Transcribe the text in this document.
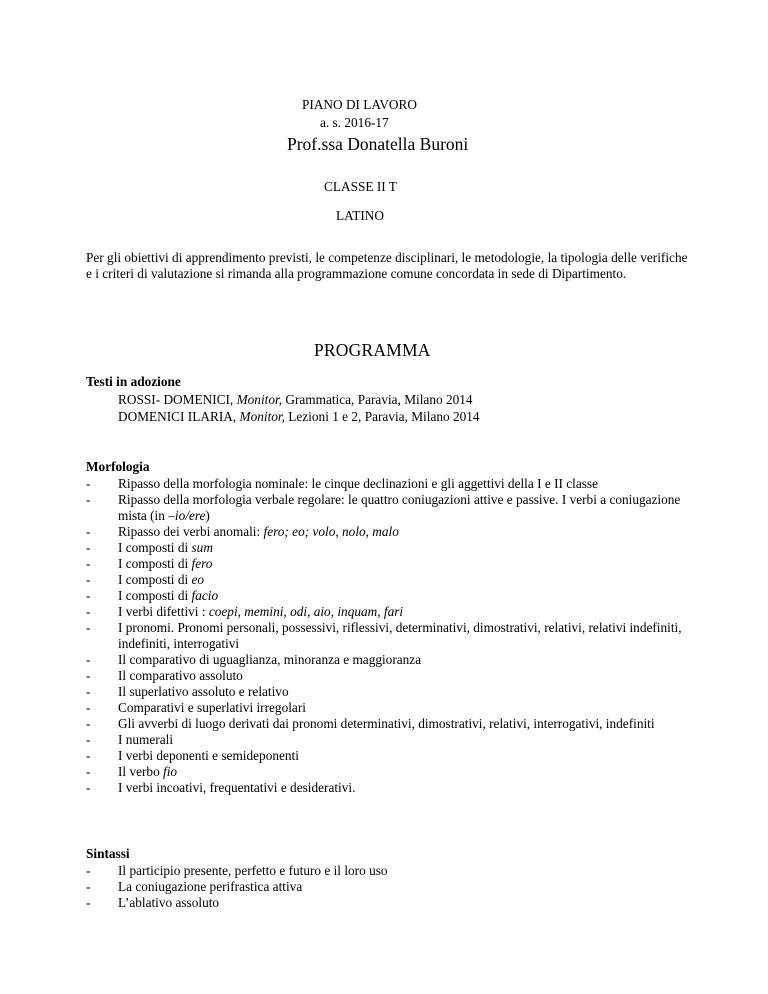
PIANO DI LAVORO
a. s. 2016-17
Prof.ssa Donatella Buroni
CLASSE II T
LATINO
Per gli obiettivi di apprendimento previsti, le competenze disciplinari, le metodologie, la tipologia delle verifiche e i criteri di valutazione si rimanda alla programmazione comune concordata in sede di Dipartimento.
PROGRAMMA
Testi in adozione
ROSSI- DOMENICI, Monitor, Grammatica, Paravia, Milano 2014
DOMENICI ILARIA, Monitor, Lezioni 1 e 2, Paravia, Milano 2014
Morfologia
- Ripasso della morfologia nominale: le cinque declinazioni e gli aggettivi della I e II classe
- Ripasso della morfologia verbale regolare: le quattro coniugazioni attive e passive. I verbi a coniugazione mista (in –io/ere)
- Ripasso dei verbi anomali: fero; eo; volo, nolo, malo
- I composti di sum
- I composti di fero
- I composti di eo
- I composti di facio
- I verbi difettivi : coepi, memini, odi, aio, inquam, fari
- I pronomi. Pronomi personali, possessivi, riflessivi, determinativi, dimostrativi, relativi, relativi indefiniti, indefiniti, interrogativi
- Il comparativo di uguaglianza, minoranza e maggioranza
- Il comparativo assoluto
- Il superlativo assoluto e relativo
- Comparativi e superlativi irregolari
- Gli avverbi di luogo derivati dai pronomi determinativi, dimostrativi, relativi, interrogativi, indefiniti
- I numerali
- I verbi deponenti e semideponenti
- Il verbo fio
- I verbi incoativi, frequentativi e desiderativi.
Sintassi
- Il participio presente, perfetto e futuro e il loro uso
- La coniugazione perifrastica attiva
- L’ablativo assoluto
